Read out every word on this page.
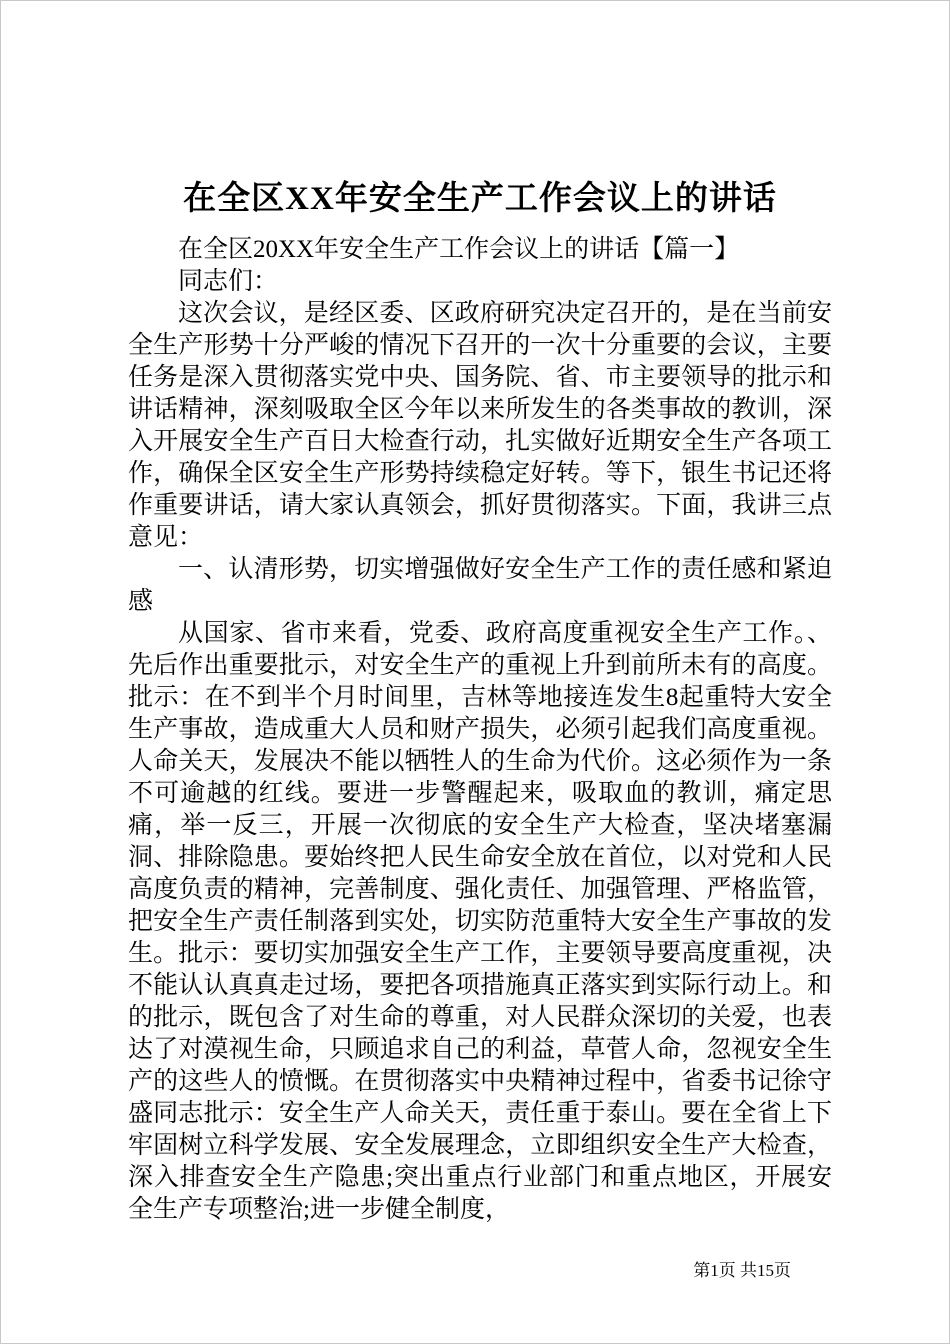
在全区XX年安全生产工作会议上的讲话

在全区20XX年安全生产工作会议上的讲话【篇一】

同志们：

这次会议，是经区委、区政府研究决定召开的，是在当前安全生产形势十分严峻的情况下召开的一次十分重要的会议，主要任务是深入贯彻落实党中央、国务院、省、市主要领导的批示和讲话精神，深刻吸取全区今年以来所发生的各类事故的教训，深入开展安全生产百日大检查行动，扎实做好近期安全生产各项工作，确保全区安全生产形势持续稳定好转。等下，银生书记还将作重要讲话，请大家认真领会，抓好贯彻落实。下面，我讲三点意见：

一、认清形势，切实增强做好安全生产工作的责任感和紧迫感

从国家、省市来看，党委、政府高度重视安全生产工作。、先后作出重要批示，对安全生产的重视上升到前所未有的高度。批示：在不到半个月时间里，吉林等地接连发生8起重特大安全生产事故，造成重大人员和财产损失，必须引起我们高度重视。人命关天，发展决不能以牺牲人的生命为代价。这必须作为一条不可逾越的红线。要进一步警醒起来，吸取血的教训，痛定思痛，举一反三，开展一次彻底的安全生产大检查，坚决堵塞漏洞、排除隐患。要始终把人民生命安全放在首位，以对党和人民高度负责的精神，完善制度、强化责任、加强管理、严格监管，把安全生产责任制落到实处，切实防范重特大安全生产事故的发生。批示：要切实加强安全生产工作，主要领导要高度重视，决不能认认真真走过场，要把各项措施真正落实到实际行动上。和的批示，既包含了对生命的尊重，对人民群众深切的关爱，也表达了对漠视生命，只顾追求自己的利益，草菅人命，忽视安全生产的这些人的愤慨。在贯彻落实中央精神过程中，省委书记徐守盛同志批示：安全生产人命关天，责任重于泰山。要在全省上下牢固树立科学发展、安全发展理念，立即组织安全生产大检查，深入排查安全生产隐患;突出重点行业部门和重点地区，开展安全生产专项整治;进一步健全制度，

第1页 共15页
